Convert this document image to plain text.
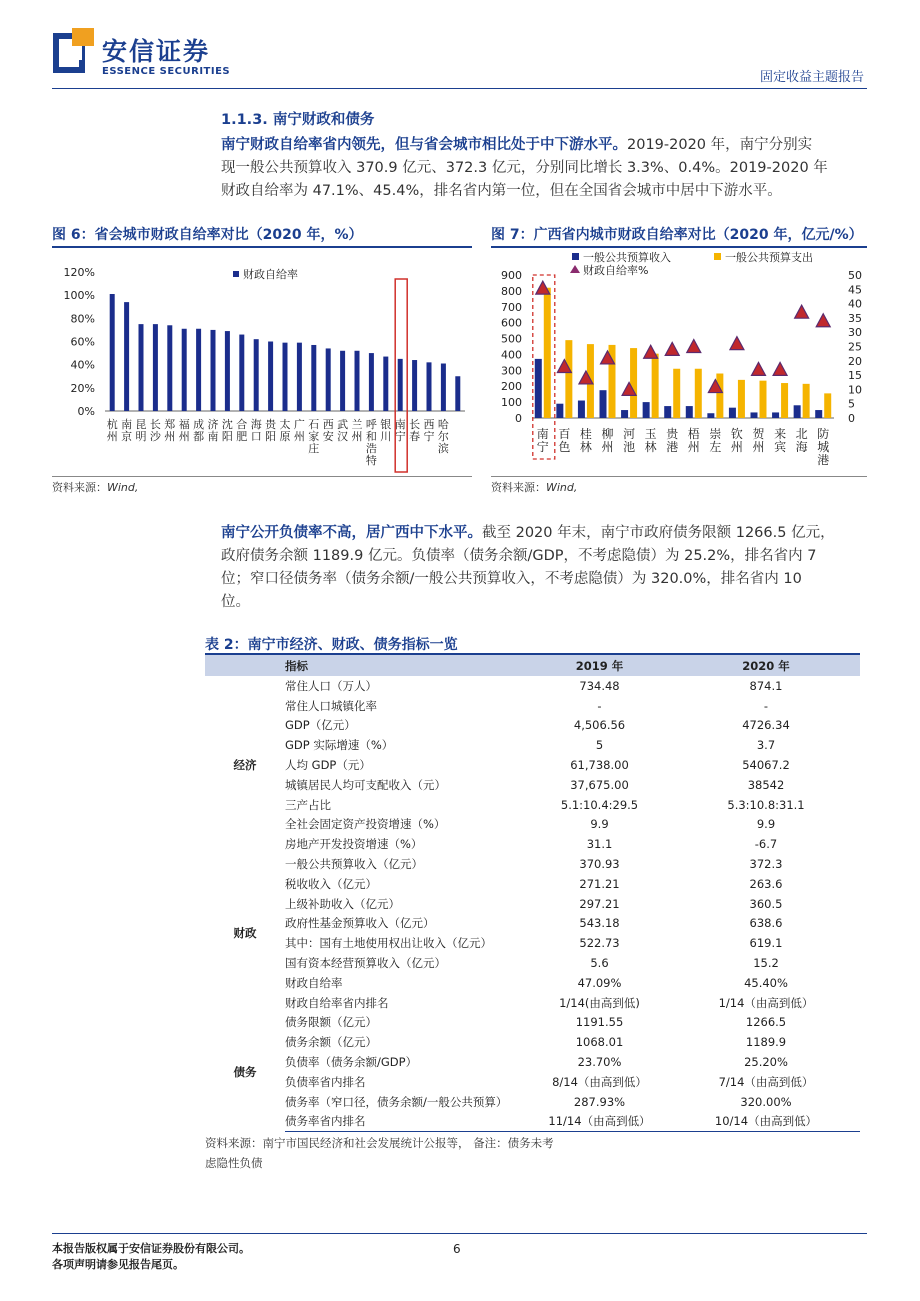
安信证券
ESSENCE SECURITIES	固定收益主题报告
1.1.3. 南宁财政和债务
南宁财政自给率省内领先，但与省会城市相比处于中下游水平。2019-2020 年，南宁分别实
现一般公共预算收入 370.9 亿元、372.3 亿元，分别同比增长 3.3%、0.4%。2019-2020 年
财政自给率为 47.1%、45.4%，排名省内第一位，但在全国省会城市中居中下游水平。
图 6：省会城市财政自给率对比（2020 年，%）
0%
20%
40%
60%
80%
100%
120%	财政自给率
杭州
南京
昆明
长沙
郑州
福州
成都
济南
沈阳
合肥
海口
贵阳
太原
广州
石家庄
西安
武汉
兰州
呼和浩特
银川
南宁
长春
西宁
哈尔滨
资料来源：Wind,
图 7：广西省内城市财政自给率对比（2020 年，亿元/%）
0
100
200
300
400
500
600
700
800
900
0
5
10
15
20
25
30
35
40
45
50
一般公共预算收入	一般公共预算支出
财政自给率%
南宁
百色
桂林
柳州
河池
玉林
贵港
梧州
崇左
钦州
贺州
来宾
北海
防城港
资料来源：Wind,
南宁公开负债率不高，居广西中下水平。截至 2020 年末，南宁市政府债务限额 1266.5 亿元，
政府债务余额 1189.9 亿元。负债率（债务余额/GDP，不考虑隐债）为 25.2%，排名省内 7
位；窄口径债务率（债务余额/一般公共预算收入，不考虑隐债）为 320.0%，排名省内 10
位。
表 2：南宁市经济、财政、债务指标一览
	指标	2019 年	2020 年
经济	常住人口（万人）	734.48	874.1
	常住人口城镇化率	-	-
	GDP（亿元）	4,506.56	4726.34
	GDP 实际增速（%）	5	3.7
	人均 GDP（元）	61,738.00	54067.2
	城镇居民人均可支配收入（元）	37,675.00	38542
	三产占比	5.1:10.4:29.5	5.3:10.8:31.1
	全社会固定资产投资增速（%）	9.9	9.9
	房地产开发投资增速（%）	31.1	-6.7
财政	一般公共预算收入（亿元）	370.93	372.3
	税收收入（亿元）	271.21	263.6
	上级补助收入（亿元）	297.21	360.5
	政府性基金预算收入（亿元）	543.18	638.6
	其中：国有土地使用权出让收入（亿元）	522.73	619.1
	国有资本经营预算收入（亿元）	5.6	15.2
	财政自给率	47.09%	45.40%
	财政自给率省内排名	1/14(由高到低)	1/14（由高到低）
债务	债务限额（亿元）	1191.55	1266.5
	债务余额（亿元）	1068.01	1189.9
	负债率（债务余额/GDP）	23.70%	25.20%
	负债率省内排名	8/14（由高到低）	7/14（由高到低）
	债务率（窄口径，债务余额/一般公共预算）	287.93%	320.00%
	债务率省内排名	11/14（由高到低）	10/14（由高到低）
资料来源：南宁市国民经济和社会发展统计公报等， 备注：债务未考
虑隐性负债
本报告版权属于安信证券股份有限公司。
各项声明请参见报告尾页。
6
